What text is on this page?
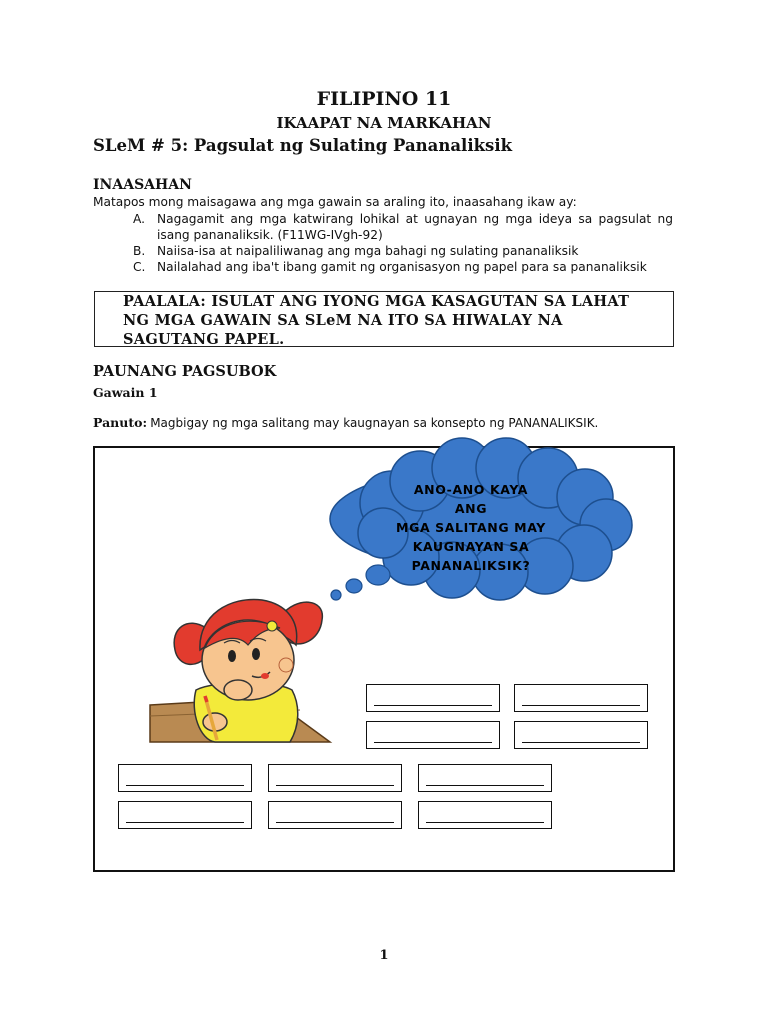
FILIPINO 11
IKAAPAT NA MARKAHAN
SLeM # 5: Pagsulat ng Sulating Pananaliksik
INAASAHAN
Matapos mong maisagawa ang mga gawain sa araling ito, inaasahang ikaw ay:
A. Nagagamit ang mga katwirang lohikal at ugnayan ng mga ideya sa pagsulat ng isang pananaliksik. (F11WG-IVgh-92)
B. Naiisa-isa at naipaliliwanag ang mga bahagi ng sulating pananaliksik
C. Nailalahad ang iba't ibang gamit ng organisasyon ng papel para sa pananaliksik
PAALALA: ISULAT ANG IYONG MGA KASAGUTAN SA LAHAT
NG MGA GAWAIN SA SLeM NA ITO SA HIWALAY NA
SAGUTANG PAPEL.
PAUNANG PAGSUBOK
Gawain 1
Panuto: Magbigay ng mga salitang may kaugnayan sa konsepto ng PANANALIKSIK.
ANO-ANO KAYA ANG
MGA SALITANG MAY
KAUGNAYAN SA
PANANALIKSIK?
1
